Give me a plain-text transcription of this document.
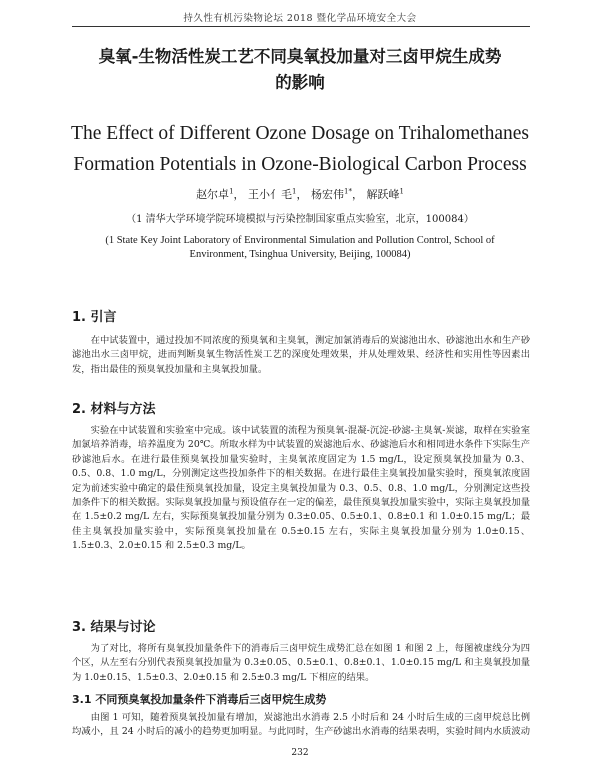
持久性有机污染物论坛 2018 暨化学品环境安全大会
臭氧-生物活性炭工艺不同臭氧投加量对三卤甲烷生成势
的影响
The Effect of Different Ozone Dosage on Trihalomethanes
Formation Potentials in Ozone-Biological Carbon Process
赵尔卓$^1$， 王小亻毛$^1$， 杨宏伟$^{1*}$， 解跃峰$^1$
（1 清华大学环境学院环境模拟与污染控制国家重点实验室，北京，100084）
(1 State Key Joint Laboratory of Environmental Simulation and Pollution Control, School of Environment, Tsinghua University, Beijing, 100084)
1. 引言
在中试装置中，通过投加不同浓度的预臭氧和主臭氧，测定加氯消毒后的炭滤池出水、砂滤池出水和生产砂滤池出水三卤甲烷，进而判断臭氧生物活性炭工艺的深度处理效果，并从处理效果、经济性和实用性等因素出发，指出最佳的预臭氧投加量和主臭氧投加量。
2. 材料与方法
实验在中试装置和实验室中完成。该中试装置的流程为预臭氧-混凝-沉淀-砂滤-主臭氧-炭滤，取样在实验室加氯培养消毒，培养温度为 20℃。所取水样为中试装置的炭滤池后水、砂滤池后水和相同进水条件下实际生产砂滤池后水。在进行最佳预臭氧投加量实验时，主臭氧浓度固定为 1.5 mg/L，设定预臭氧投加量为 0.3、0.5、0.8、1.0 mg/L，分别测定这些投加条件下的相关数据。在进行最佳主臭氧投加量实验时，预臭氧浓度固定为前述实验中确定的最佳预臭氧投加量，设定主臭氧投加量为 0.3、0.5、0.8、1.0 mg/L，分别测定这些投加条件下的相关数据。实际臭氧投加量与预设值存在一定的偏差，最佳预臭氧投加量实验中，实际主臭氧投加量在 1.5±0.2 mg/L 左右，实际预臭氧投加量分别为 0.3±0.05、0.5±0.1、0.8±0.1 和 1.0±0.15 mg/L；最佳主臭氧投加量实验中，实际预臭氧投加量在 0.5±0.15 左右，实际主臭氧投加量分别为 1.0±0.15、1.5±0.3、2.0±0.15 和 2.5±0.3 mg/L。
3. 结果与讨论
为了对比，将所有臭氧投加量条件下的消毒后三卤甲烷生成势汇总在如图 1 和图 2 上，每图被虚线分为四个区，从左至右分别代表预臭氧投加量为 0.3±0.05、0.5±0.1、0.8±0.1、1.0±0.15 mg/L 和主臭氧投加量为 1.0±0.15、1.5±0.3、2.0±0.15 和 2.5±0.3 mg/L 下相应的结果。
3.1 不同预臭氧投加量条件下消毒后三卤甲烷生成势
由图 1 可知，随着预臭氧投加量有增加，炭滤池出水消毒 2.5 小时后和 24 小时后生成的三卤甲烷总比例均减小，且 24 小时后的减小的趋势更加明显。与此同时，生产砂滤出水消毒的结果表明，实验时间内水质波动
232
